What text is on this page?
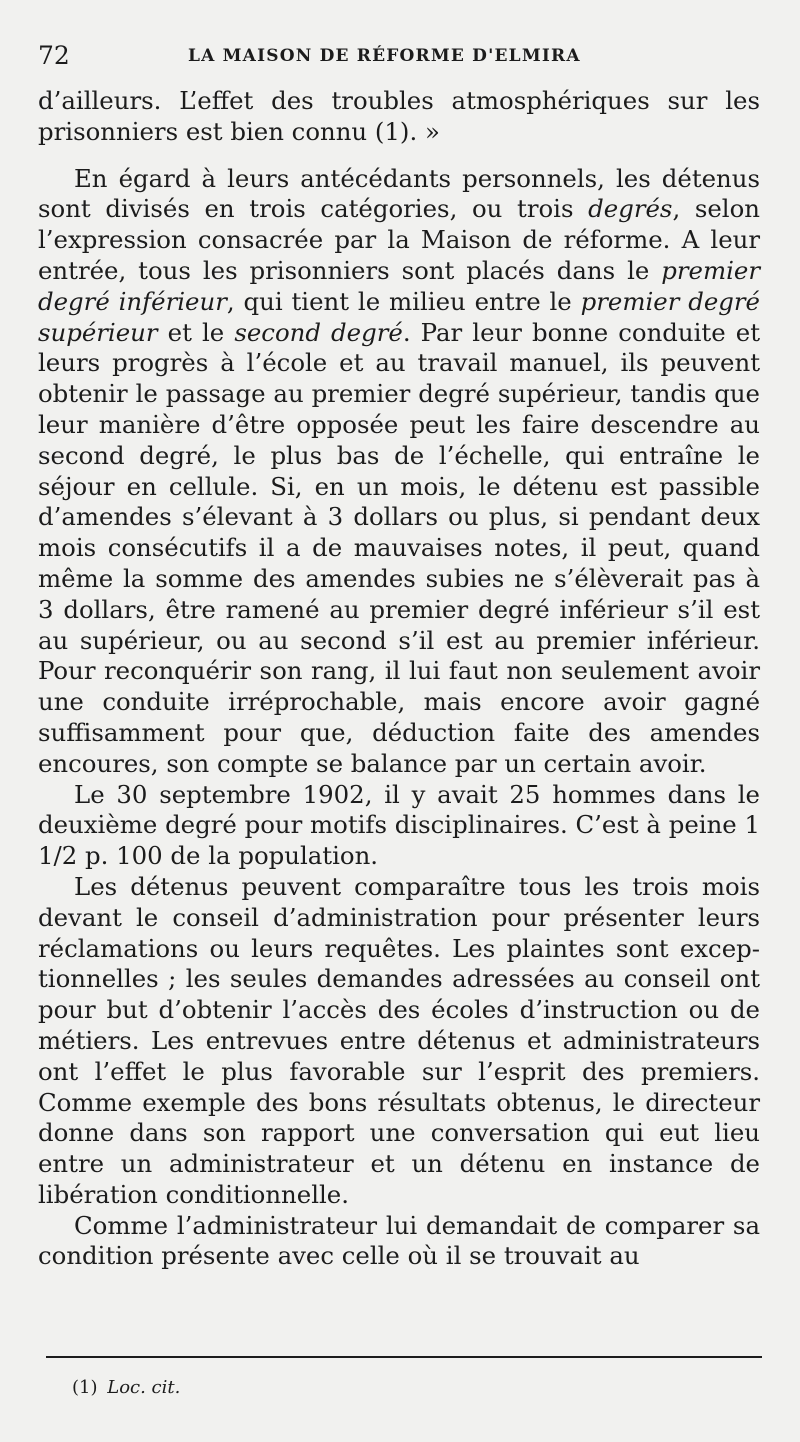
72	LA MAISON DE RÉFORME D'ELMIRA

d’ailleurs. L’effet des troubles atmosphériques sur les prisonniers est bien connu (1). »

En égard à leurs antécédants personnels, les détenus sont divisés en trois catégories, ou trois degrés, selon l’expression consacrée par la Maison de réforme. A leur entrée, tous les prisonniers sont placés dans le premier degré inférieur, qui tient le milieu entre le premier degré supérieur et le second degré. Par leur bonne conduite et leurs progrès à l’école et au travail manuel, ils peuvent obtenir le passage au premier degré supérieur, tandis que leur manière d’être opposée peut les faire descendre au second degré, le plus bas de l’échelle, qui entraîne le séjour en cellule. Si, en un mois, le détenu est passible d’amendes s’élevant à 3 dollars ou plus, si pendant deux mois consécutifs il a de mauvaises notes, il peut, quand même la somme des amendes subies ne s’élèverait pas à 3 dollars, être ramené au premier degré inférieur s’il est au supérieur, ou au second s’il est au premier inférieur. Pour reconquérir son rang, il lui faut non seulement avoir une conduite irréprochable, mais encore avoir gagné suffisamment pour que, déduction faite des amendes encoures, son compte se balance par un certain avoir.

Le 30 septembre 1902, il y avait 25 hommes dans le deuxième degré pour motifs disciplinaires. C’est à peine 1 1/2 p. 100 de la population.

Les détenus peuvent comparaître tous les trois mois devant le conseil d’administration pour présenter leurs réclamations ou leurs requêtes. Les plaintes sont exceptionnelles ; les seules demandes adressées au conseil ont pour but d’obtenir l’accès des écoles d’instruction ou de métiers. Les entrevues entre détenus et administrateurs ont l’effet le plus favorable sur l’esprit des premiers. Comme exemple des bons résultats obtenus, le directeur donne dans son rapport une conversation qui eut lieu entre un administrateur et un détenu en instance de libération conditionnelle.

Comme l’administrateur lui demandait de comparer sa condition présente avec celle où il se trouvait au

(1) Loc. cit.
